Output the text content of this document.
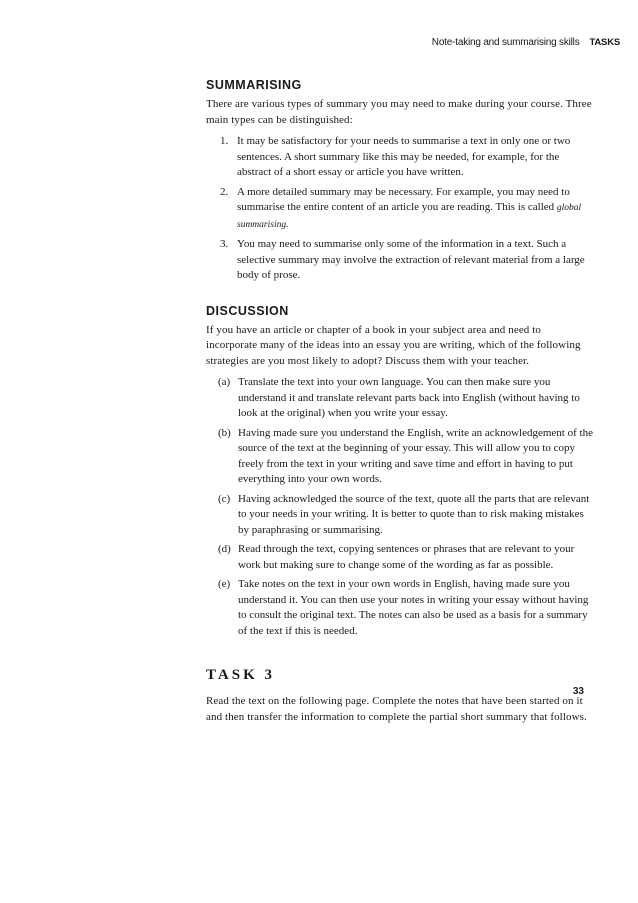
Note-taking and summarising skills TASKS
SUMMARISING

There are various types of summary you may need to make during your course. Three main types can be distinguished:

1. It may be satisfactory for your needs to summarise a text in only one or two sentences. A short summary like this may be needed, for example, for the abstract of a short essay or article you have written.
2. A more detailed summary may be necessary. For example, you may need to summarise the entire content of an article you are reading. This is called global summarising.
3. You may need to summarise only some of the information in a text. Such a selective summary may involve the extraction of relevant material from a large body of prose.
DISCUSSION

If you have an article or chapter of a book in your subject area and need to incorporate many of the ideas into an essay you are writing, which of the following strategies are you most likely to adopt? Discuss them with your teacher.

(a) Translate the text into your own language. You can then make sure you understand it and translate relevant parts back into English (without having to look at the original) when you write your essay.
(b) Having made sure you understand the English, write an acknowledgement of the source of the text at the beginning of your essay. This will allow you to copy freely from the text in your writing and save time and effort in having to put everything into your own words.
(c) Having acknowledged the source of the text, quote all the parts that are relevant to your needs in your writing. It is better to quote than to risk making mistakes by paraphrasing or summarising.
(d) Read through the text, copying sentences or phrases that are relevant to your work but making sure to change some of the wording as far as possible.
(e) Take notes on the text in your own words in English, having made sure you understand it. You can then use your notes in writing your essay without having to consult the original text. The notes can also be used as a basis for a summary of the text if this is needed.
TASK 3

Read the text on the following page. Complete the notes that have been started on it and then transfer the information to complete the partial short summary that follows.

33
